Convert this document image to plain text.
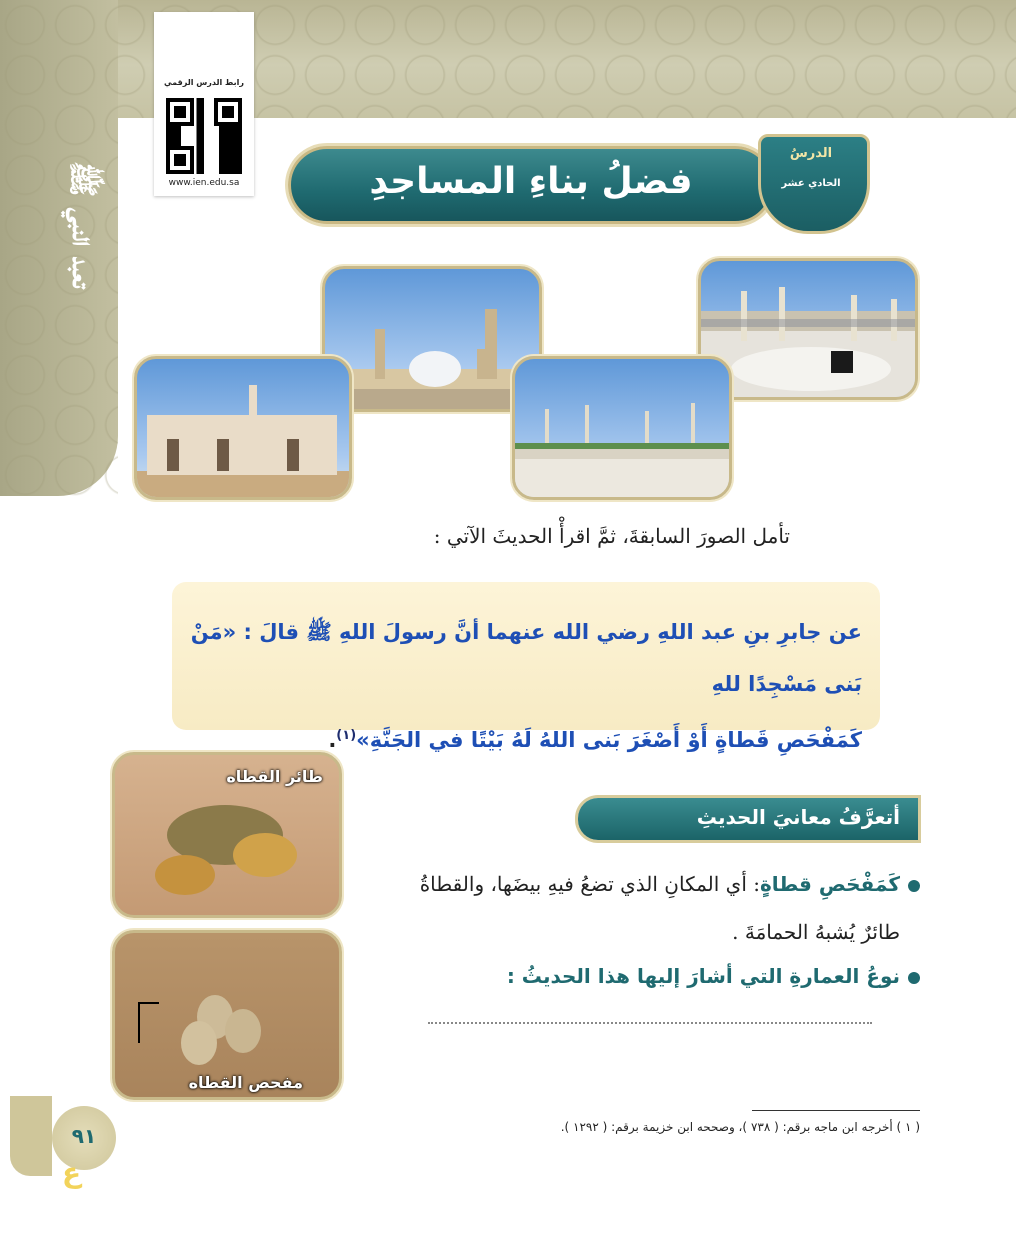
تعبد النبي ﷺ
رابط الدرس الرقمي
www.ien.edu.sa	فضلُ بناءِ المساجدِ
الدرسُ
الحادي عشر
تأمل الصورَ السابقةَ، ثمَّ اقرأْ الحديثَ الآتي :
عن جابرِ بنِ عبد اللهِ رضي الله عنهما أنَّ رسولَ اللهِ ﷺ قالَ : «مَنْ بَنى مَسْجِدًا للهِ
كَمَفْحَصِ قَطاةٍ أَوْ أَصْغَرَ بَنى اللهُ لَهُ بَيْتًا في الجَنَّةِ»$^{(١)}$.
طائر القطاه
مفحص القطاه
أتعرَّفُ معانيَ الحديثِ
كَمَفْحَصِ قطاةٍ: أي المكانِ الذي تضعُ فيهِ بيضَها، والقطاةُ
طائرٌ يُشبهُ الحمامَةَ .
نوعُ العمارةِ التي أشارَ إليها هذا الحديثُ :
٩١
ع
( ١ ) أخرجه ابن ماجه برقم: ( ٧٣٨ )، وصححه ابن خزيمة برقم: ( ١٢٩٢ ).
